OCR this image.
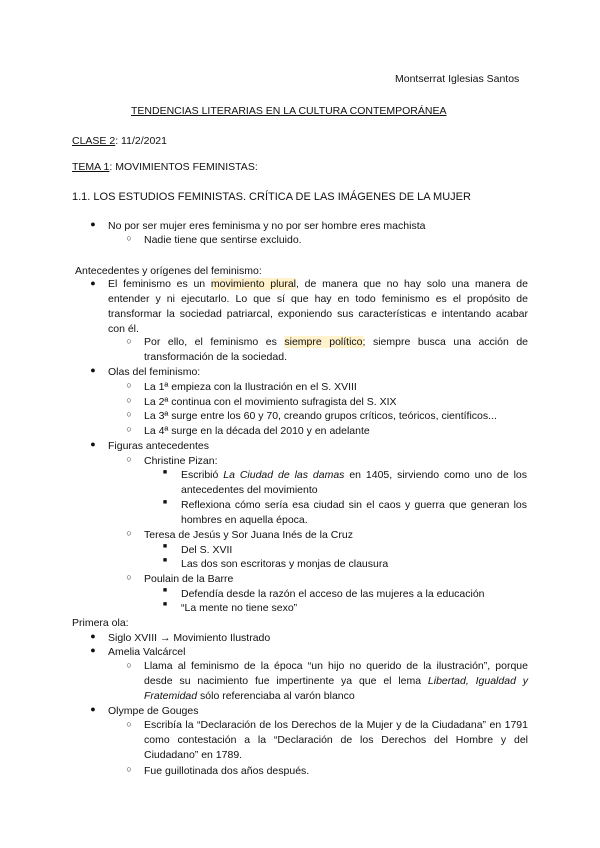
Montserrat Iglesias Santos
TENDENCIAS LITERARIAS EN LA CULTURA CONTEMPORÁNEA
CLASE 2: 11/2/2021
TEMA 1: MOVIMIENTOS FEMINISTAS:
1.1. LOS ESTUDIOS FEMINISTAS. CRÍTICA DE LAS IMÁGENES DE LA MUJER
● No por ser mujer eres feminisma y no por ser hombre eres machista
○ Nadie tiene que sentirse excluido.
Antecedentes y orígenes del feminismo:
● El feminismo es un movimiento plural, de manera que no hay solo una manera de entender y ni ejecutarlo. Lo que sí que hay en todo feminismo es el propósito de transformar la sociedad patriarcal, exponiendo sus características e intentando acabar con él.
○ Por ello, el feminismo es siempre político; siempre busca una acción de transformación de la sociedad.
● Olas del feminismo:
○ La 1ª empieza con la Ilustración en el S. XVIII
○ La 2ª continua con el movimiento sufragista del S. XIX
○ La 3ª surge entre los 60 y 70, creando grupos críticos, teóricos, científicos...
○ La 4ª surge en la década del 2010 y en adelante
● Figuras antecedentes
○ Christine Pizan:
■ Escribió La Ciudad de las damas en 1405, sirviendo como uno de los antecedentes del movimiento
■ Reflexiona cómo sería esa ciudad sin el caos y guerra que generan los hombres en aquella época.
○ Teresa de Jesús y Sor Juana Inés de la Cruz
■ Del S. XVII
■ Las dos son escritoras y monjas de clausura
○ Poulain de la Barre
■ Defendía desde la razón el acceso de las mujeres a la educación
■ “La mente no tiene sexo”
Primera ola:
● Siglo XVIII → Movimiento Ilustrado
● Amelia Valcárcel
○ Llama al feminismo de la época “un hijo no querido de la ilustración”, porque desde su nacimiento fue impertinente ya que el lema Libertad, Igualdad y Fratemidad sólo referenciaba al varón blanco
● Olympe de Gouges
○ Escribía la “Declaración de los Derechos de la Mujer y de la Ciudadana” en 1791 como contestación a la “Declaración de los Derechos del Hombre y del Ciudadano” en 1789.
○ Fue guillotinada dos años después.
